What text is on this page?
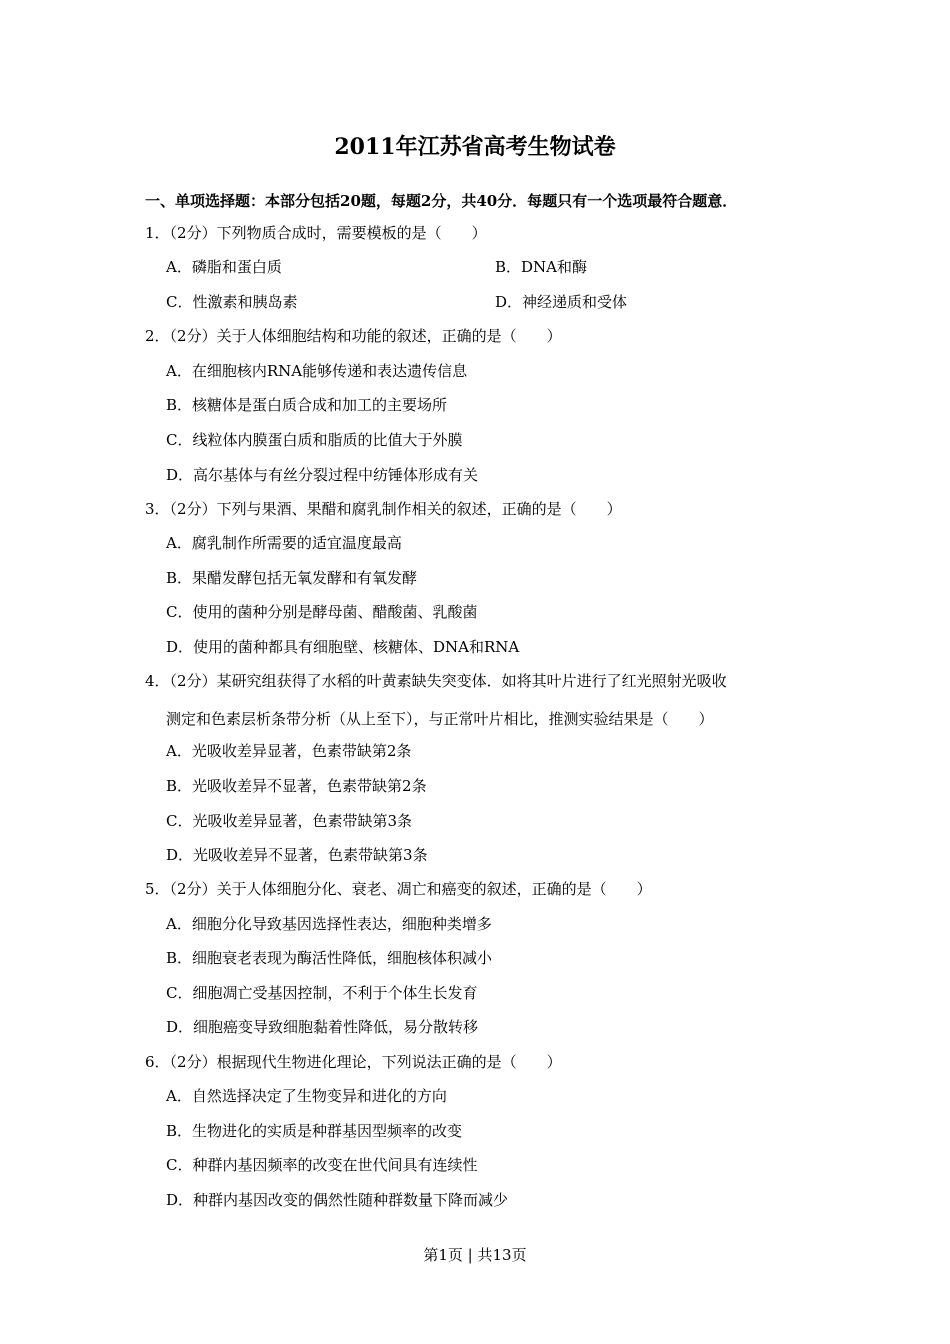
2011年江苏省高考生物试卷
一、单项选择题：本部分包括20题，每题2分，共40分．每题只有一个选项最符合题意．
1．（2分）下列物质合成时，需要模板的是（　　）
A．磷脂和蛋白质	B．DNA和酶
C．性激素和胰岛素	D．神经递质和受体
2．（2分）关于人体细胞结构和功能的叙述，正确的是（　　）
A．在细胞核内RNA能够传递和表达遗传信息
B．核糖体是蛋白质合成和加工的主要场所
C．线粒体内膜蛋白质和脂质的比值大于外膜
D．高尔基体与有丝分裂过程中纺锤体形成有关
3．（2分）下列与果酒、果醋和腐乳制作相关的叙述，正确的是（　　）
A．腐乳制作所需要的适宜温度最高
B．果醋发酵包括无氧发酵和有氧发酵
C．使用的菌种分别是酵母菌、醋酸菌、乳酸菌
D．使用的菌种都具有细胞壁、核糖体、DNA和RNA
4．（2分）某研究组获得了水稻的叶黄素缺失突变体．如将其叶片进行了红光照射光吸收
测定和色素层析条带分析（从上至下），与正常叶片相比，推测实验结果是（　　）
A．光吸收差异显著，色素带缺第2条
B．光吸收差异不显著，色素带缺第2条
C．光吸收差异显著，色素带缺第3条
D．光吸收差异不显著，色素带缺第3条
5．（2分）关于人体细胞分化、衰老、凋亡和癌变的叙述，正确的是（　　）
A．细胞分化导致基因选择性表达，细胞种类增多
B．细胞衰老表现为酶活性降低，细胞核体积减小
C．细胞凋亡受基因控制，不利于个体生长发育
D．细胞癌变导致细胞黏着性降低，易分散转移
6．（2分）根据现代生物进化理论，下列说法正确的是（　　）
A．自然选择决定了生物变异和进化的方向
B．生物进化的实质是种群基因型频率的改变
C．种群内基因频率的改变在世代间具有连续性
D．种群内基因改变的偶然性随种群数量下降而减少
第1页 | 共13页
